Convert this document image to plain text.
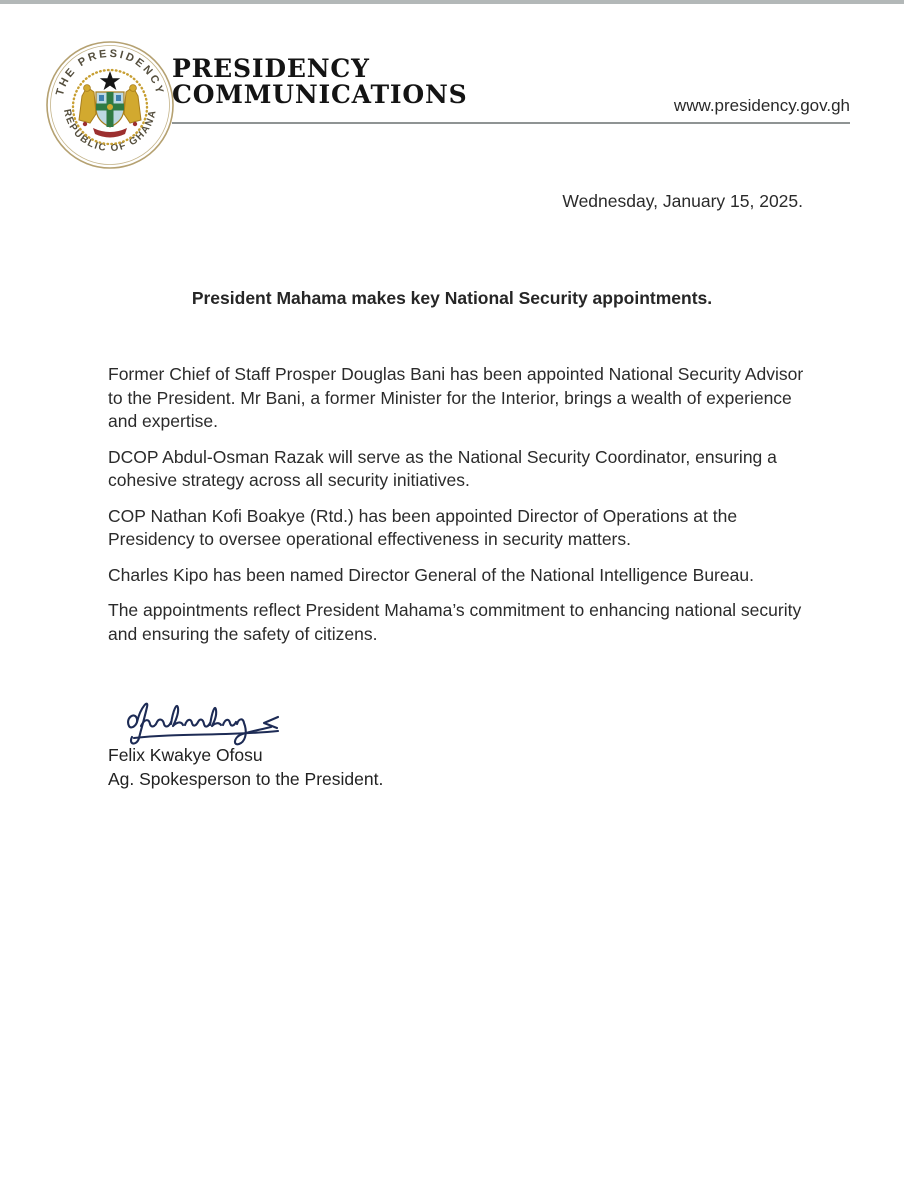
THE PRESIDENCY
REPUBLIC OF GHANA
PRESIDENCY
COMMUNICATIONS	www.presidency.gov.gh
Wednesday, January 15, 2025.
President Mahama makes key National Security appointments.

Former Chief of Staff Prosper Douglas Bani has been appointed National Security Advisor to the President. Mr Bani, a former Minister for the Interior, brings a wealth of experience and expertise.

DCOP Abdul-Osman Razak will serve as the National Security Coordinator, ensuring a cohesive strategy across all security initiatives.

COP Nathan Kofi Boakye (Rtd.) has been appointed Director of Operations at the Presidency to oversee operational effectiveness in security matters.

Charles Kipo has been named Director General of the National Intelligence Bureau.

The appointments reflect President Mahama’s commitment to enhancing national security and ensuring the safety of citizens.

Felix Kwakye Ofosu
Ag. Spokesperson to the President.
